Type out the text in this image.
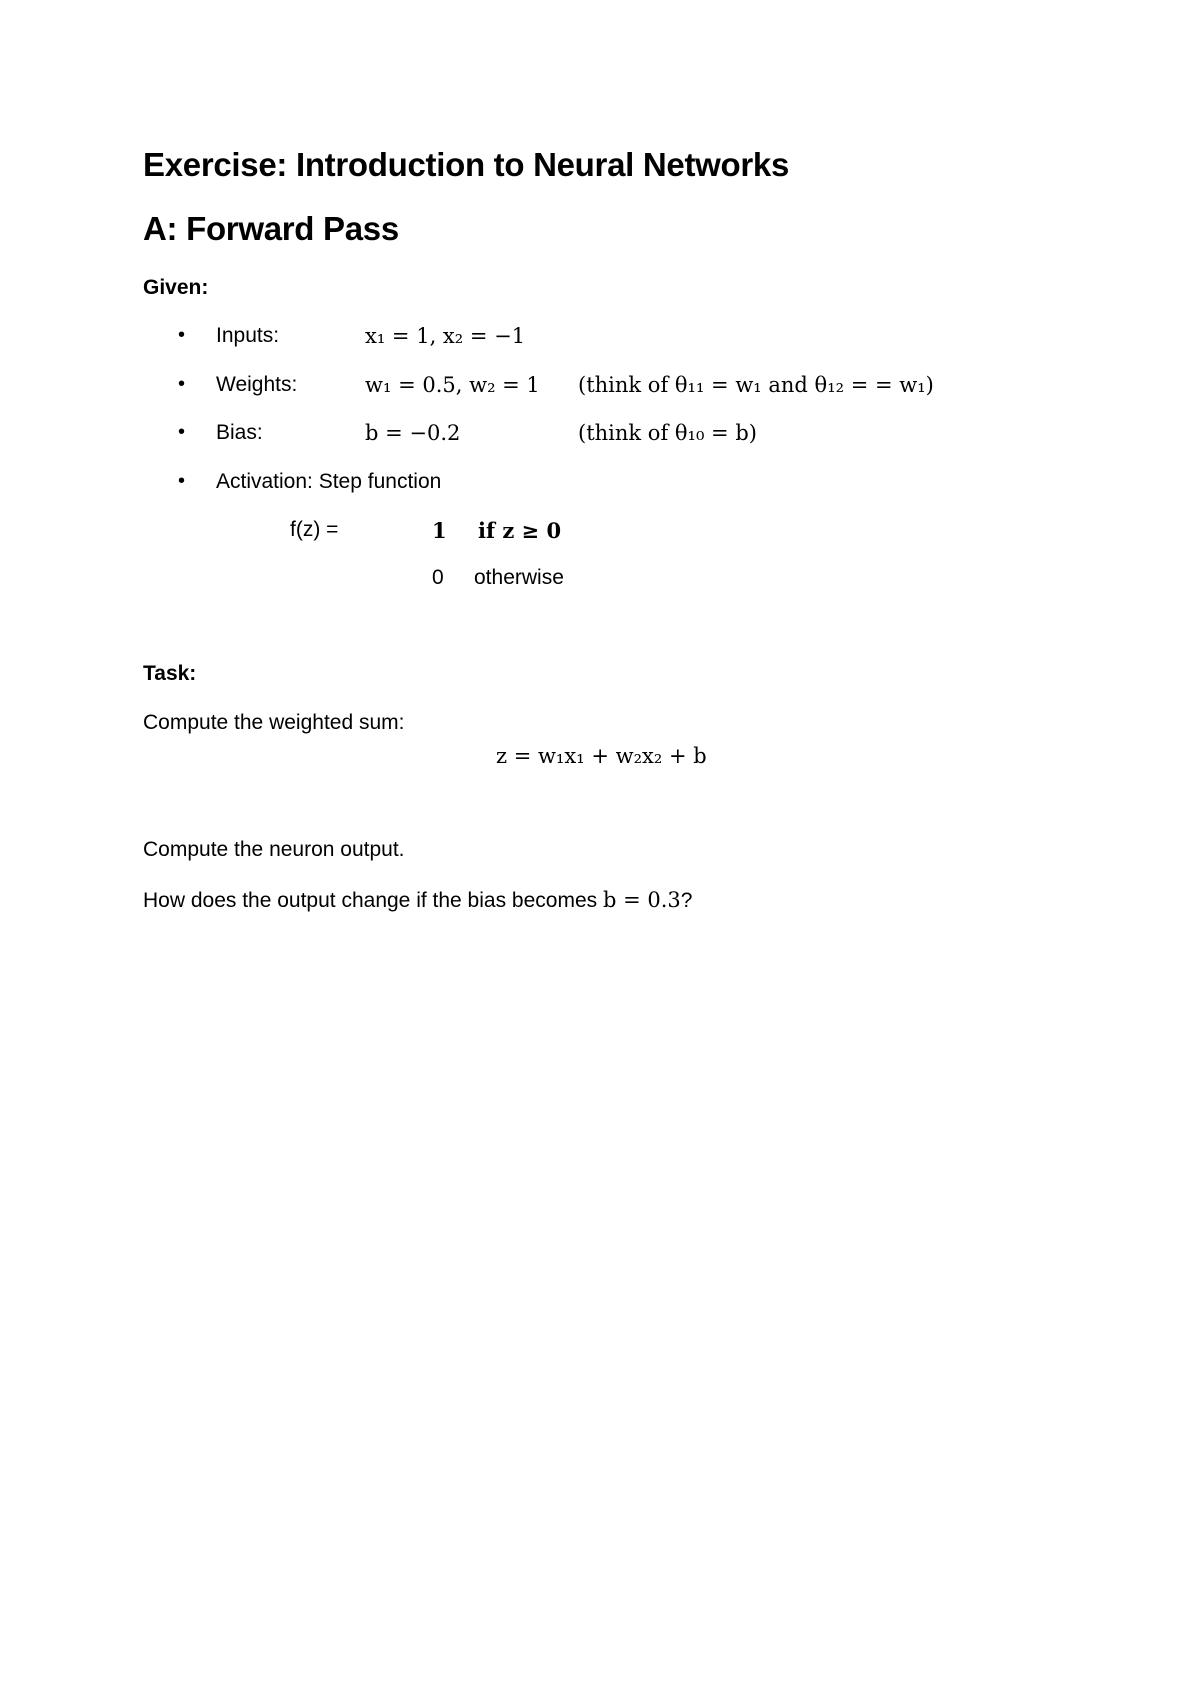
Exercise: Introduction to Neural Networks
A: Forward Pass
Given:
• Inputs:	x₁ = 1, x₂ = −1
• Weights:	w₁ = 0.5, w₂ = 1 (think of θ₁₁ = w₁ and θ₁₂ = = w₁)
• Bias:	b = −0.2	(think of θ₁₀ = b)
• Activation: Step function
f(z) =	1 if z ≥ 0
0 otherwise
Task:
Compute the weighted sum:
z = w₁x₁ + w₂x₂ + b
Compute the neuron output.
How does the output change if the bias becomes b = 0.3?
